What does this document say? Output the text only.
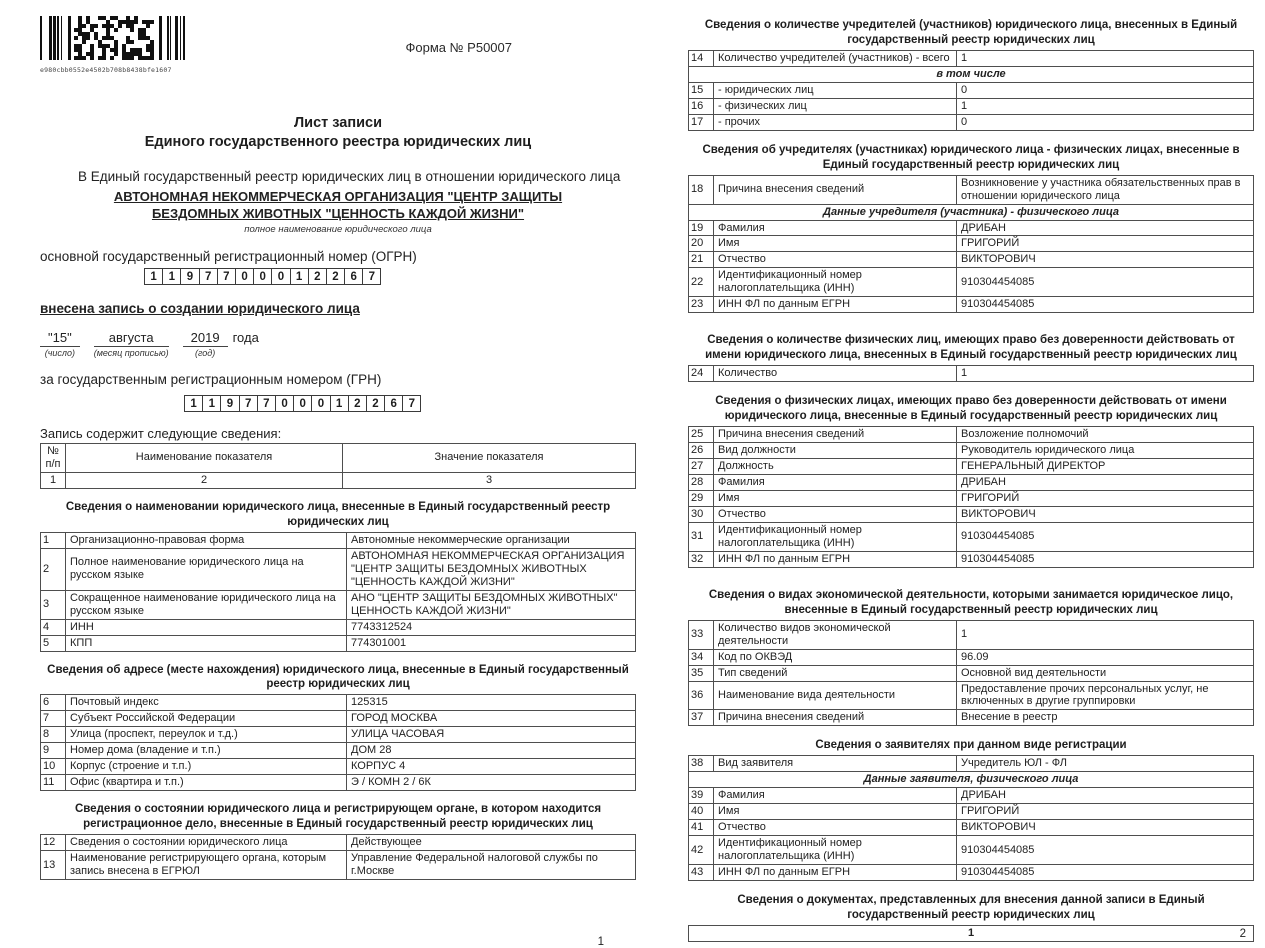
e980cbb0552e4502b708b8438bfe1607
Форма № Р50007
Лист записи
Единого государственного реестра юридических лиц
В Единый государственный реестр юридических лиц в отношении юридического лица
АВТОНОМНАЯ НЕКОММЕРЧЕСКАЯ ОРГАНИЗАЦИЯ "ЦЕНТР ЗАЩИТЫ
БЕЗДОМНЫХ ЖИВОТНЫХ "ЦЕННОСТЬ КАЖДОЙ ЖИЗНИ"
полное наименование юридического лица
основной государственный регистрационный номер (ОГРН)
1	1	9	7	7	0	0	0	1	2	2	6	7
внесена запись о создании юридического лица
"15"
(число)
августа
(месяц прописью)
2019
(год)
года
за государственным регистрационным номером (ГРН)
1	1	9	7	7	0	0	0	1	2	2	6	7
Запись содержит следующие сведения:
№ п/п	Наименование показателя	Значение показателя
1	2	3
Сведения о наименовании юридического лица, внесенные в Единый государственный реестр юридических лиц
1	Организационно-правовая форма	Автономные некоммерческие организации
2	Полное наименование юридического лица на русском языке	АВТОНОМНАЯ НЕКОММЕРЧЕСКАЯ ОРГАНИЗАЦИЯ "ЦЕНТР ЗАЩИТЫ БЕЗДОМНЫХ ЖИВОТНЫХ "ЦЕННОСТЬ КАЖДОЙ ЖИЗНИ"
3	Сокращенное наименование юридического лица на русском языке	АНО "ЦЕНТР ЗАЩИТЫ БЕЗДОМНЫХ ЖИВОТНЫХ" ЦЕННОСТЬ КАЖДОЙ ЖИЗНИ"
4	ИНН	7743312524
5	КПП	774301001
Сведения об адресе (месте нахождения) юридического лица, внесенные в Единый государственный реестр юридических лиц
6	Почтовый индекс	125315
7	Субъект Российской Федерации	ГОРОД МОСКВА
8	Улица (проспект, переулок и т.д.)	УЛИЦА ЧАСОВАЯ
9	Номер дома (владение и т.п.)	ДОМ 28
10	Корпус (строение и т.п.)	КОРПУС 4
11	Офис (квартира и т.п.)	Э / КОМН 2 / 6К
Сведения о состоянии юридического лица и регистрирующем органе, в котором находится регистрационное дело, внесенные в Единый государственный реестр юридических лиц
12	Сведения о состоянии юридического лица	Действующее
13	Наименование регистрирующего органа, которым запись внесена в ЕГРЮЛ	Управление Федеральной налоговой службы по г.Москве
1
Сведения о количестве учредителей (участников) юридического лица, внесенных в Единый государственный реестр юридических лиц
14	Количество учредителей (участников) - всего	1
в том числе		
15	- юридических лиц	0
16	- физических лиц	1
17	- прочих	0
Сведения об учредителях (участниках) юридического лица - физических лицах, внесенные в Единый государственный реестр юридических лиц
18	Причина внесения сведений	Возникновение у участника обязательственных прав в отношении юридического лица
Данные учредителя (участника) - физического лица		
19	Фамилия	ДРИБАН
20	Имя	ГРИГОРИЙ
21	Отчество	ВИКТОРОВИЧ
22	Идентификационный номер налогоплательщика (ИНН)	910304454085
23	ИНН ФЛ по данным ЕГРН	910304454085
Сведения о количестве физических лиц, имеющих право без доверенности действовать от имени юридического лица, внесенных в Единый государственный реестр юридических лиц
24	Количество	1
Сведения о физических лицах, имеющих право без доверенности действовать от имени юридического лица, внесенные в Единый государственный реестр юридических лиц
25	Причина внесения сведений	Возложение полномочий
26	Вид должности	Руководитель юридического лица
27	Должность	ГЕНЕРАЛЬНЫЙ ДИРЕКТОР
28	Фамилия	ДРИБАН
29	Имя	ГРИГОРИЙ
30	Отчество	ВИКТОРОВИЧ
31	Идентификационный номер налогоплательщика (ИНН)	910304454085
32	ИНН ФЛ по данным ЕГРН	910304454085
Сведения о видах экономической деятельности, которыми занимается юридическое лицо, внесенные в Единый государственный реестр юридических лиц
33	Количество видов экономической деятельности	1
34	Код по ОКВЭД	96.09
35	Тип сведений	Основной вид деятельности
36	Наименование вида деятельности	Предоставление прочих персональных услуг, не включенных в другие группировки
37	Причина внесения сведений	Внесение в реестр
Сведения о заявителях при данном виде регистрации
38	Вид заявителя	Учредитель ЮЛ - ФЛ
Данные заявителя, физического лица		
39	Фамилия	ДРИБАН
40	Имя	ГРИГОРИЙ
41	Отчество	ВИКТОРОВИЧ
42	Идентификационный номер налогоплательщика (ИНН)	910304454085
43	ИНН ФЛ по данным ЕГРН	910304454085
Сведения о документах, представленных для внесения данной записи в Единый государственный реестр юридических лиц
1	2
